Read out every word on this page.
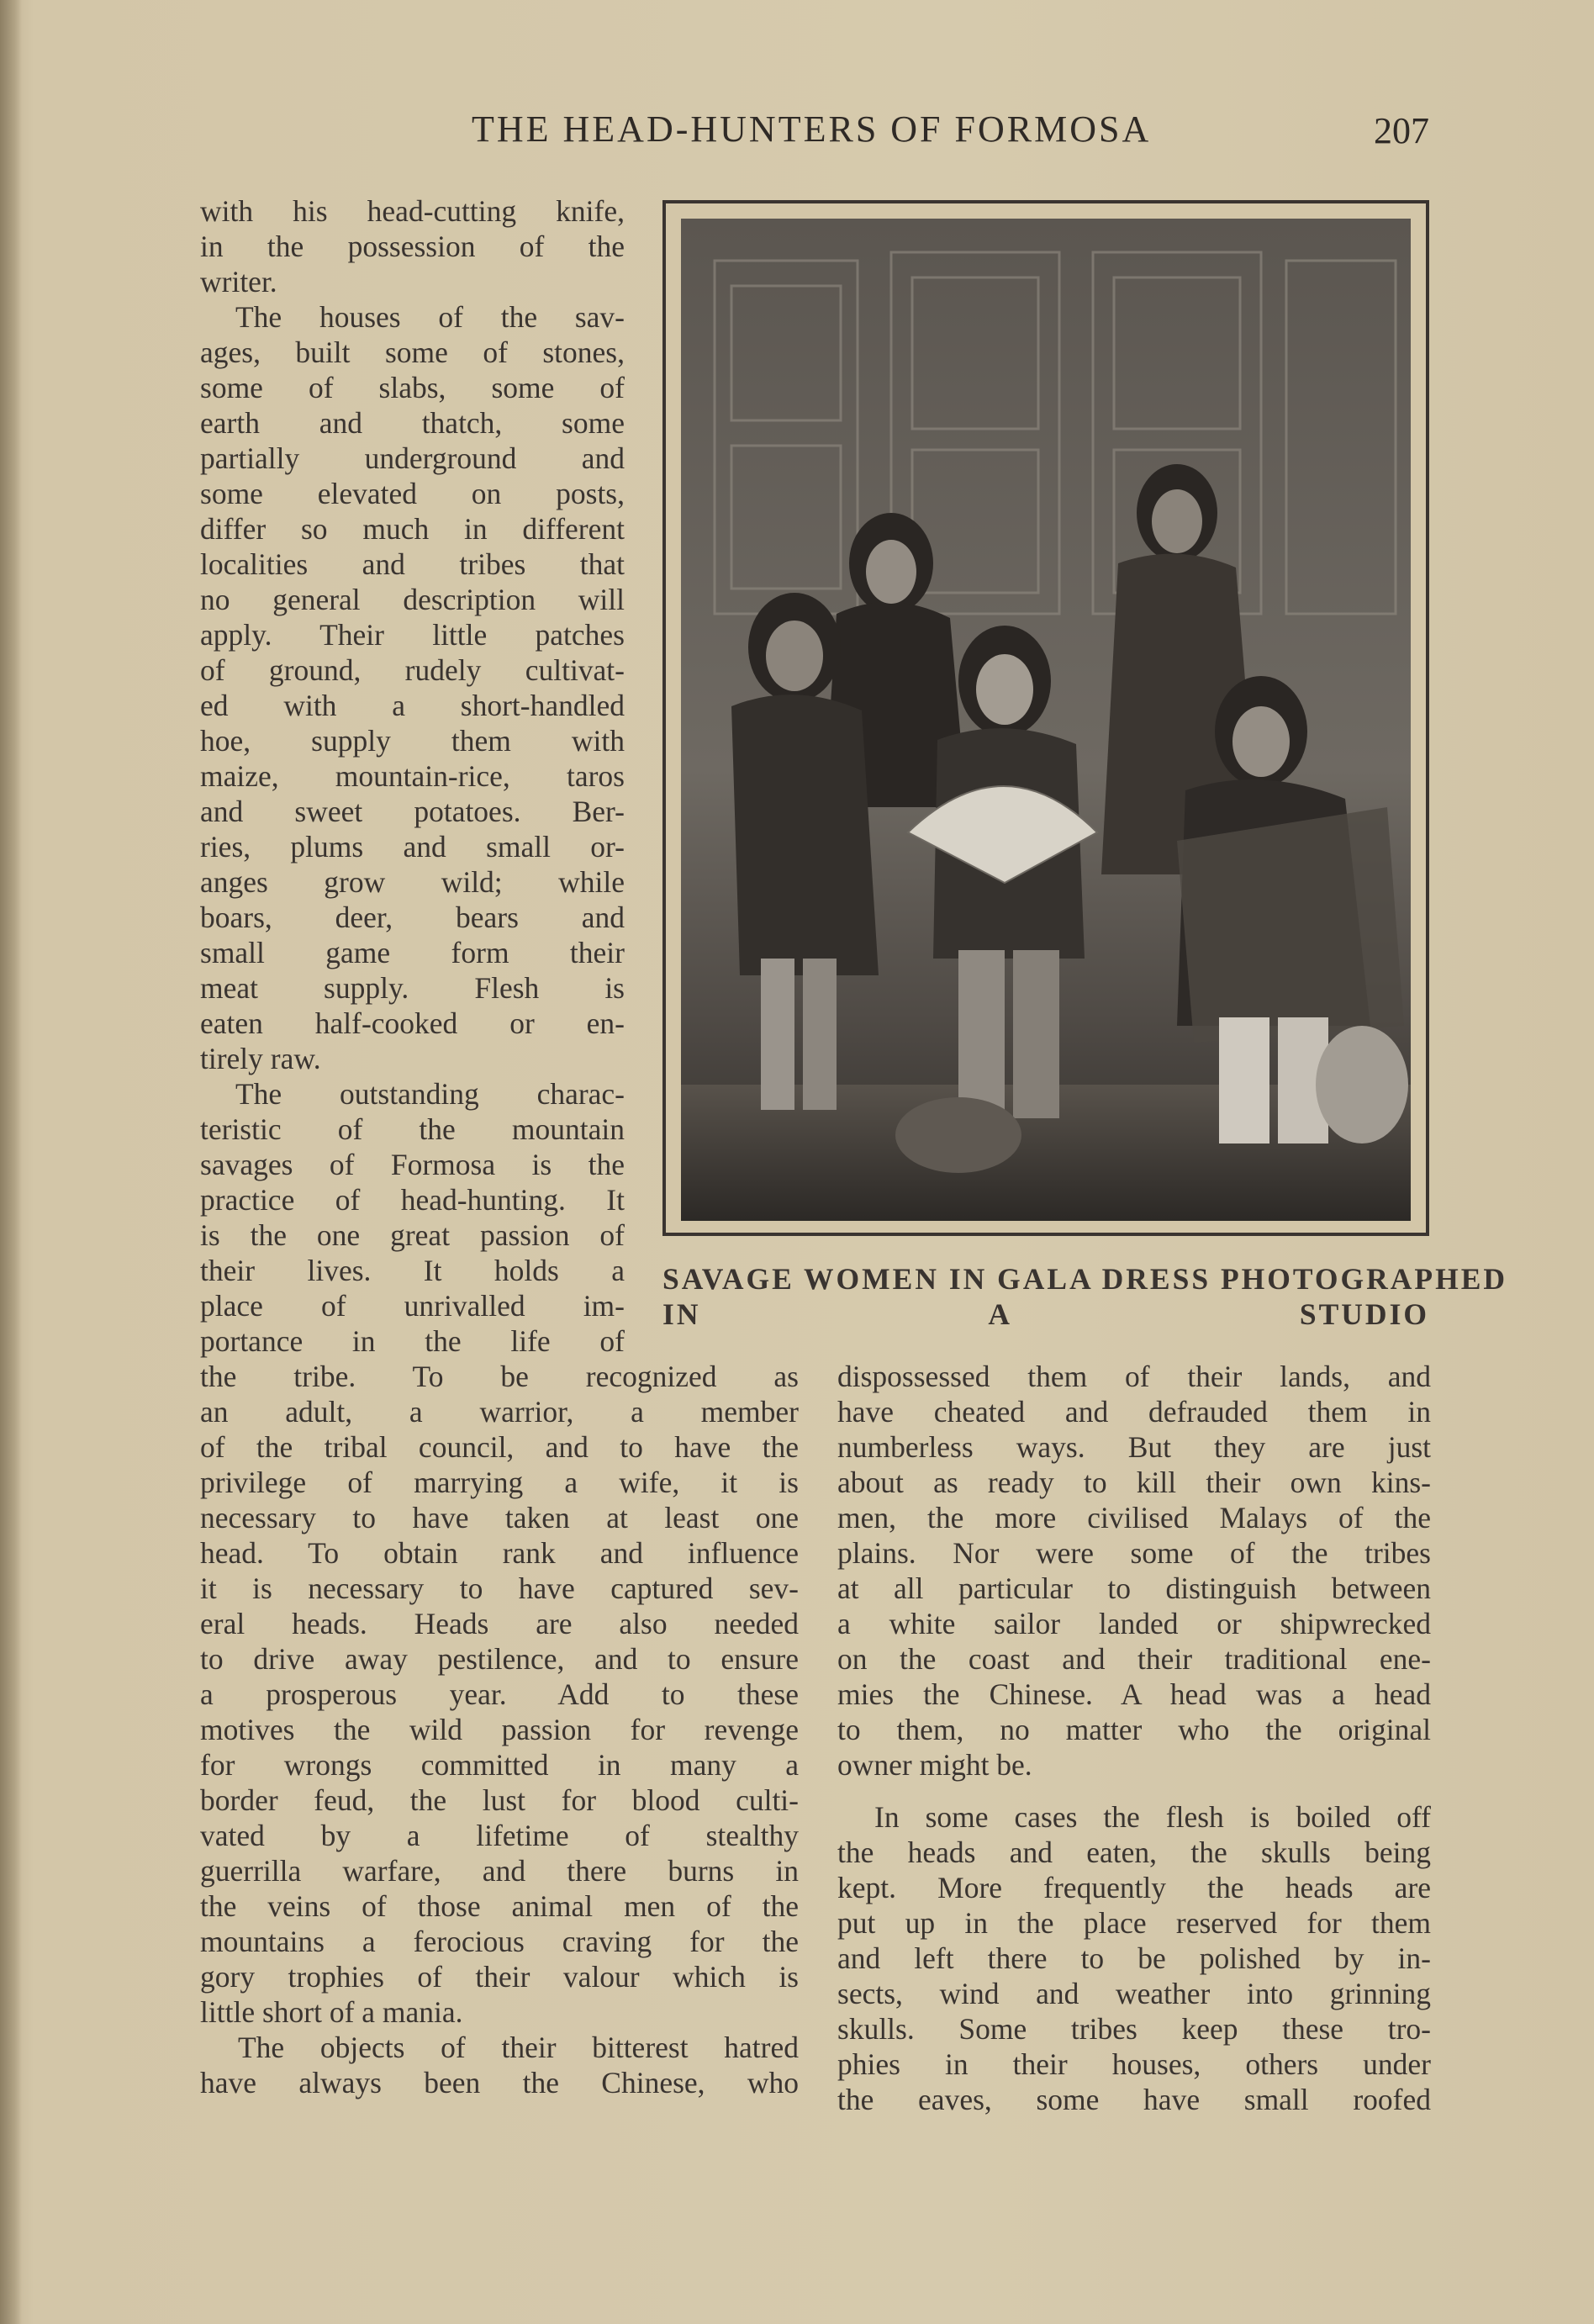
THE HEAD-HUNTERS OF FORMOSA	207
SAVAGE WOMEN IN GALA DRESS PHOTOGRAPHED
IN A STUDIO
with his head-cutting knife,
in the possession of the
writer.
The houses of the sav-
ages, built some of stones,
some of slabs, some of
earth and thatch, some
partially underground and
some elevated on posts,
differ so much in different
localities and tribes that
no general description will
apply. Their little patches
of ground, rudely cultivat-
ed with a short-handled
hoe, supply them with
maize, mountain-rice, taros
and sweet potatoes. Ber-
ries, plums and small or-
anges grow wild; while
boars, deer, bears and
small game form their
meat supply. Flesh is
eaten half-cooked or en-
tirely raw.
The outstanding charac-
teristic of the mountain
savages of Formosa is the
practice of head-hunting. It
is the one great passion of
their lives. It holds a
place of unrivalled im-
portance in the life of
the tribe. To be recognized as
an adult, a warrior, a member
of the tribal council, and to have the
privilege of marrying a wife, it is
necessary to have taken at least one
head. To obtain rank and influence
it is necessary to have captured sev-
eral heads. Heads are also needed
to drive away pestilence, and to ensure
a prosperous year. Add to these
motives the wild passion for revenge
for wrongs committed in many a
border feud, the lust for blood culti-
vated by a lifetime of stealthy
guerrilla warfare, and there burns in
the veins of those animal men of the
mountains a ferocious craving for the
gory trophies of their valour which is
little short of a mania.
The objects of their bitterest hatred
have always been the Chinese, who
dispossessed them of their lands, and
have cheated and defrauded them in
numberless ways. But they are just
about as ready to kill their own kins-
men, the more civilised Malays of the
plains. Nor were some of the tribes
at all particular to distinguish between
a white sailor landed or shipwrecked
on the coast and their traditional ene-
mies the Chinese. A head was a head
to them, no matter who the original
owner might be.
In some cases the flesh is boiled off
the heads and eaten, the skulls being
kept. More frequently the heads are
put up in the place reserved for them
and left there to be polished by in-
sects, wind and weather into grinning
skulls. Some tribes keep these tro-
phies in their houses, others under
the eaves, some have small roofed
